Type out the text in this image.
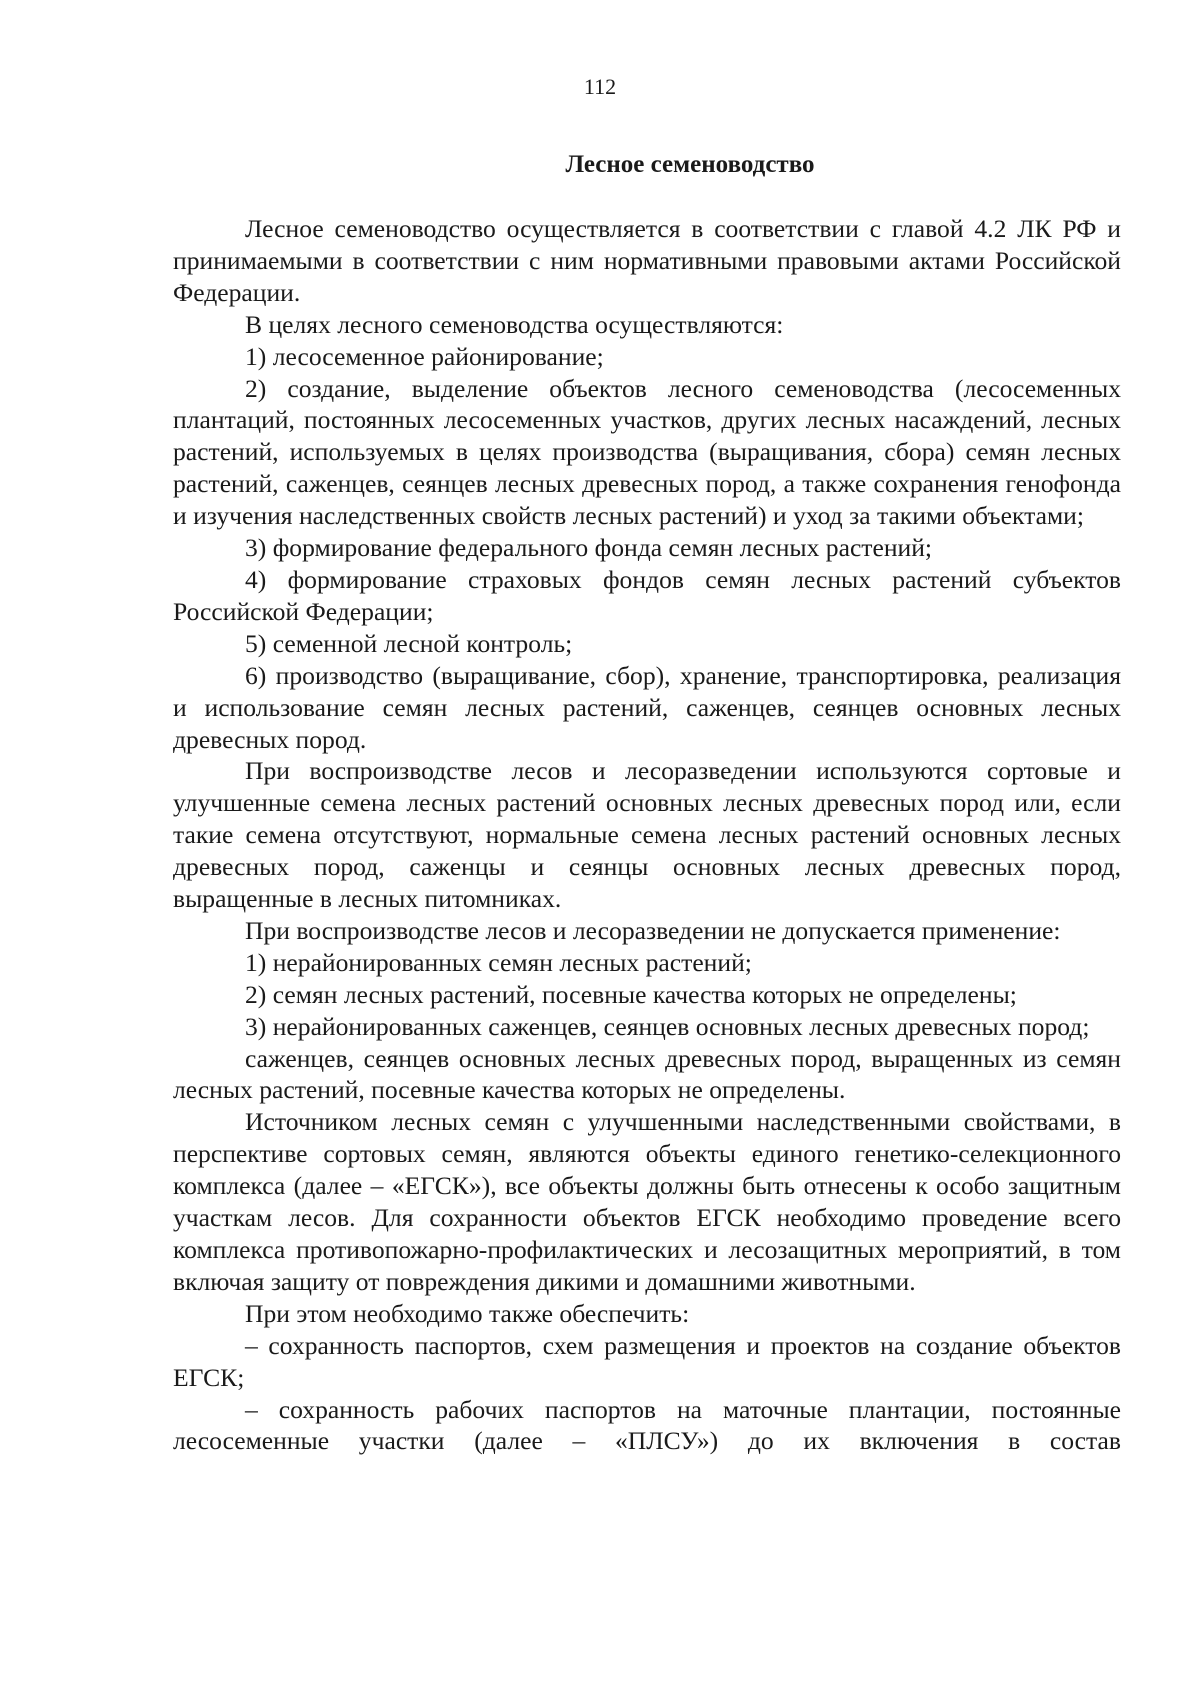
112
Лесное семеноводство

Лесное семеноводство осуществляется в соответствии с главой 4.2 ЛК РФ и принимаемыми в соответствии с ним нормативными правовыми актами Российской Федерации.

В целях лесного семеноводства осуществляются:

1) лесосеменное районирование;

2) создание, выделение объектов лесного семеноводства (лесосеменных плантаций, постоянных лесосеменных участков, других лесных насаждений, лесных растений, используемых в целях производства (выращивания, сбора) семян лесных растений, саженцев, сеянцев лесных древесных пород, а также сохранения генофонда и изучения наследственных свойств лесных растений) и уход за такими объектами;

3) формирование федерального фонда семян лесных растений;

4) формирование страховых фондов семян лесных растений субъектов Российской Федерации;

5) семенной лесной контроль;

6) производство (выращивание, сбор), хранение, транспортировка, реализация и использование семян лесных растений, саженцев, сеянцев основных лесных древесных пород.

При воспроизводстве лесов и лесоразведении используются сортовые и улучшенные семена лесных растений основных лесных древесных пород или, если такие семена отсутствуют, нормальные семена лесных растений основных лесных древесных пород, саженцы и сеянцы основных лесных древесных пород, выращенные в лесных питомниках.

При воспроизводстве лесов и лесоразведении не допускается применение:

1) нерайонированных семян лесных растений;

2) семян лесных растений, посевные качества которых не определены;

3) нерайонированных саженцев, сеянцев основных лесных древесных пород;

саженцев, сеянцев основных лесных древесных пород, выращенных из семян лесных растений, посевные качества которых не определены.

Источником лесных семян с улучшенными наследственными свойствами, в перспективе сортовых семян, являются объекты единого генетико-селекционного комплекса (далее – «ЕГСК»), все объекты должны быть отнесены к особо защитным участкам лесов. Для сохранности объектов ЕГСК необходимо проведение всего комплекса противопожарно-профилактических и лесозащитных мероприятий, в том включая защиту от повреждения дикими и домашними животными.

При этом необходимо также обеспечить:

– сохранность паспортов, схем размещения и проектов на создание объектов ЕГСК;

– сохранность рабочих паспортов на маточные плантации, постоянные лесосеменные участки (далее – «ПЛСУ») до их включения в состав
